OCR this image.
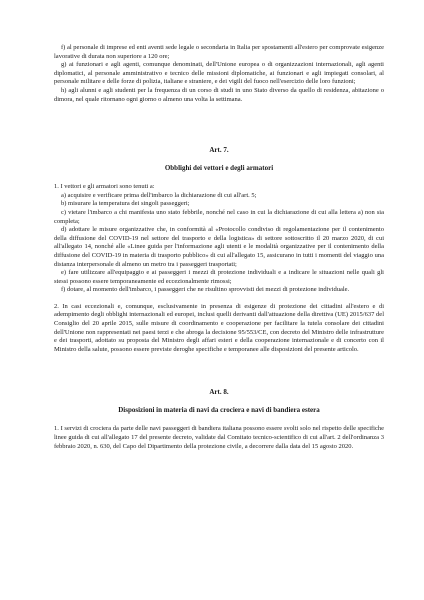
f) al personale di imprese ed enti aventi sede legale o secondaria in Italia per spostamenti all'estero per comprovate esigenze lavorative di durata non superiore a 120 ore;

g) ai funzionari e agli agenti, comunque denominati, dell'Unione europea o di organizzazioni internazionali, agli agenti diplomatici, al personale amministrativo e tecnico delle missioni diplomatiche, ai funzionari e agli impiegati consolari, al personale militare e delle forze di polizia, italiane e straniere, e dei vigili del fuoco nell'esercizio delle loro funzioni;

h) agli alunni e agli studenti per la frequenza di un corso di studi in uno Stato diverso da quello di residenza, abitazione o dimora, nel quale ritornano ogni giorno o almeno una volta la settimana.

Art. 7.

Obblighi dei vettori e degli armatori

1. I vettori e gli armatori sono tenuti a:

a) acquisire e verificare prima dell'imbarco la dichiarazione di cui all'art. 5;

b) misurare la temperatura dei singoli passeggeri;

c) vietare l'imbarco a chi manifesta uno stato febbrile, nonché nel caso in cui la dichiarazione di cui alla lettera a) non sia completa;

d) adottare le misure organizzative che, in conformità al «Protocollo condiviso di regolamentazione per il contenimento della diffusione del COVID-19 nel settore del trasporto e della logistica» di settore sottoscritto il 20 marzo 2020, di cui all'allegato 14, nonché alle «Linee guida per l'informazione agli utenti e le modalità organizzative per il contenimento della diffusione del COVID-19 in materia di trasporto pubblico» di cui all'allegato 15, assicurano in tutti i momenti del viaggio una distanza interpersonale di almeno un metro tra i passeggeri trasportati;

e) fare utilizzare all'equipaggio e ai passeggeri i mezzi di protezione individuali e a indicare le situazioni nelle quali gli stessi possono essere temporaneamente ed eccezionalmente rimossi;

f) dotare, al momento dell'imbarco, i passeggeri che ne risultino sprovvisti dei mezzi di protezione individuale.

2. In casi eccezionali e, comunque, esclusivamente in presenza di esigenze di protezione dei cittadini all'estero e di adempimento degli obblighi internazionali ed europei, inclusi quelli derivanti dall'attuazione della direttiva (UE) 2015/637 del Consiglio del 20 aprile 2015, sulle misure di coordinamento e cooperazione per facilitare la tutela consolare dei cittadini dell'Unione non rappresentati nei paesi terzi e che abroga la decisione 95/553/CE, con decreto del Ministro delle infrastrutture e dei trasporti, adottato su proposta del Ministro degli affari esteri e della cooperazione internazionale e di concerto con il Ministro della salute, possono essere previste deroghe specifiche e temporanee alle disposizioni del presente articolo.

Art. 8.

Disposizioni in materia di navi da crociera e navi di bandiera estera

1. I servizi di crociera da parte delle navi passeggeri di bandiera italiana possono essere svolti solo nel rispetto delle specifiche linee guida di cui all'allegato 17 del presente decreto, validate dal Comitato tecnico-scientifico di cui all'art. 2 dell'ordinanza 3 febbraio 2020, n. 630, del Capo del Dipartimento della protezione civile, a decorrere dalla data del 15 agosto 2020.
